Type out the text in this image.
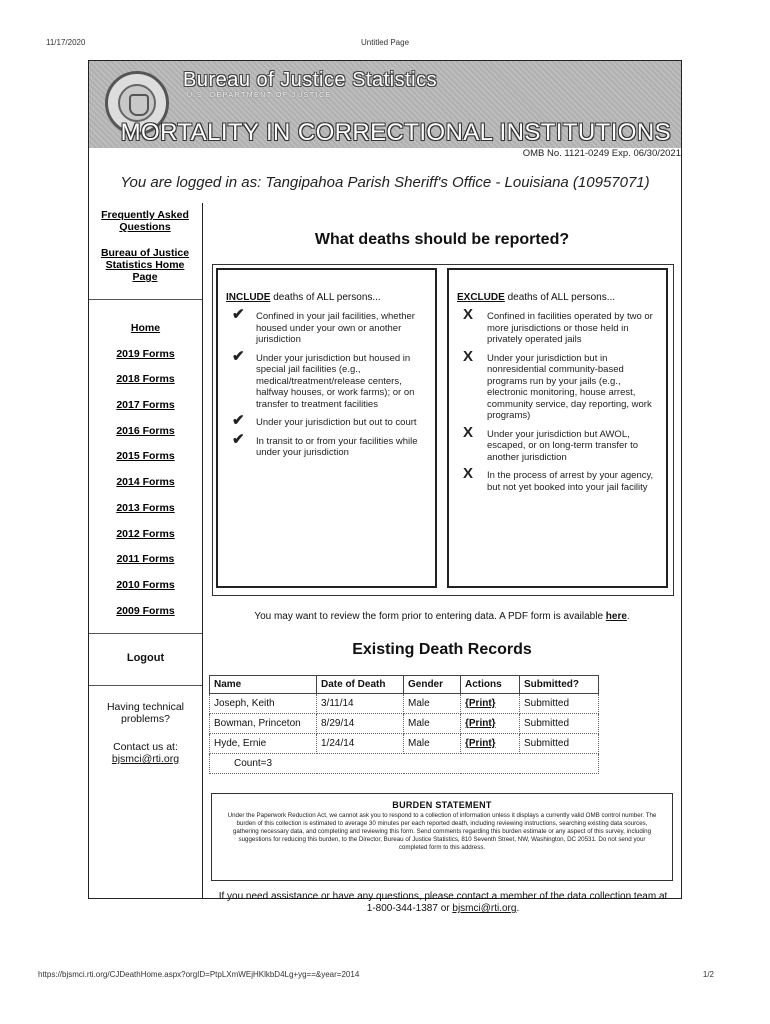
11/17/2020	Untitled Page
Bureau of Justice Statistics
U.S. DEPARTMENT OF JUSTICE
MORTALITY IN CORRECTIONAL INSTITUTIONS
OMB No. 1121-0249 Exp. 06/30/2021
You are logged in as: Tangipahoa Parish Sheriff's Office - Louisiana (10957071)
Frequently Asked Questions
Bureau of Justice Statistics Home Page
Home
2019 Forms
2018 Forms
2017 Forms
2016 Forms
2015 Forms
2014 Forms
2013 Forms
2012 Forms
2011 Forms
2010 Forms
2009 Forms
Logout
Having technical problems?
Contact us at:
bjsmci@rti.org
What deaths should be reported?
INCLUDE deaths of ALL persons...
✔ Confined in your jail facilities, whether housed under your own or another jurisdiction
✔ Under your jurisdiction but housed in special jail facilities (e.g., medical/treatment/release centers, halfway houses, or work farms); or on transfer to treatment facilities
✔ Under your jurisdiction but out to court
✔ In transit to or from your facilities while under your jurisdiction
EXCLUDE deaths of ALL persons...
X Confined in facilities operated by two or more jurisdictions or those held in privately operated jails
X Under your jurisdiction but in nonresidential community-based programs run by your jails (e.g., electronic monitoring, house arrest, community service, day reporting, work programs)
X Under your jurisdiction but AWOL, escaped, or on long-term transfer to another jurisdiction
X In the process of arrest by your agency, but not yet booked into your jail facility
You may want to review the form prior to entering data. A PDF form is available here.
Existing Death Records
Name	Date of Death	Gender	Actions	Submitted?
Joseph, Keith	3/11/14	Male	{Print}	Submitted
Bowman, Princeton	8/29/14	Male	{Print}	Submitted
Hyde, Ernie	1/24/14	Male	{Print}	Submitted
Count=3				
BURDEN STATEMENT
Under the Paperwork Reduction Act, we cannot ask you to respond to a collection of information unless it displays a currently valid OMB control number. The burden of this collection is estimated to average 30 minutes per each reported death, including reviewing instructions, searching existing data sources, gathering necessary data, and completing and reviewing this form. Send comments regarding this burden estimate or any aspect of this survey, including suggestions for reducing this burden, to the Director, Bureau of Justice Statistics, 810 Seventh Street, NW, Washington, DC 20531. Do not send your completed form to this address.
If you need assistance or have any questions, please contact a member of the data collection team at 1-800-344-1387 or bjsmci@rti.org.
https://bjsmci.rti.org/CJDeathHome.aspx?orgID=PtpLXmWEjHKlkbD4Lg+yg==&year=2014	1/2
